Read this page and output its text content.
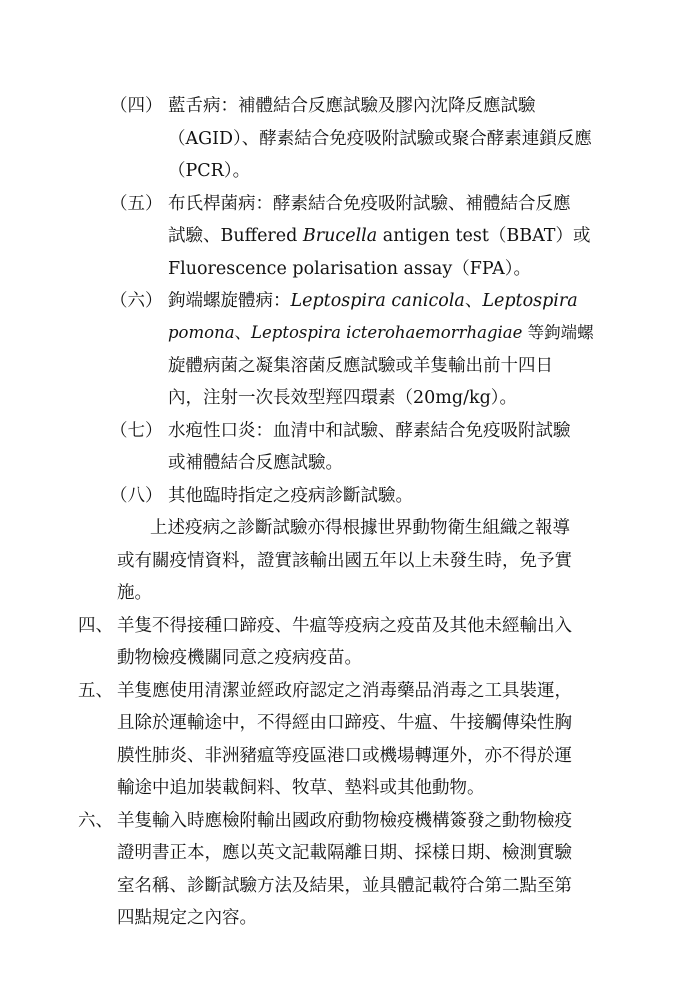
（四） 藍舌病：補體結合反應試驗及膠內沈降反應試驗
（AGID）、酵素結合免疫吸附試驗或聚合酵素連鎖反應
（PCR）。
（五） 布氏桿菌病：酵素結合免疫吸附試驗、補體結合反應
試驗、Buffered Brucella antigen test（BBAT）或
Fluorescence polarisation assay（FPA）。
（六） 鉤端螺旋體病：Leptospira canicola、Leptospira
pomona、Leptospira icterohaemorrhagiae 等鉤端螺
旋體病菌之凝集溶菌反應試驗或羊隻輸出前十四日
內，注射一次長效型羥四環素（20mg/kg）。
（七） 水疱性口炎：血清中和試驗、酵素結合免疫吸附試驗
或補體結合反應試驗。
（八） 其他臨時指定之疫病診斷試驗。
上述疫病之診斷試驗亦得根據世界動物衛生組織之報導
或有關疫情資料，證實該輸出國五年以上未發生時，免予實
施。
四、 羊隻不得接種口蹄疫、牛瘟等疫病之疫苗及其他未經輸出入
動物檢疫機關同意之疫病疫苗。
五、 羊隻應使用清潔並經政府認定之消毒藥品消毒之工具裝運，
且除於運輸途中，不得經由口蹄疫、牛瘟、牛接觸傳染性胸
膜性肺炎、非洲豬瘟等疫區港口或機場轉運外，亦不得於運
輸途中追加裝載飼料、牧草、墊料或其他動物。
六、 羊隻輸入時應檢附輸出國政府動物檢疫機構簽發之動物檢疫
證明書正本，應以英文記載隔離日期、採樣日期、檢測實驗
室名稱、診斷試驗方法及結果，並具體記載符合第二點至第
四點規定之內容。
